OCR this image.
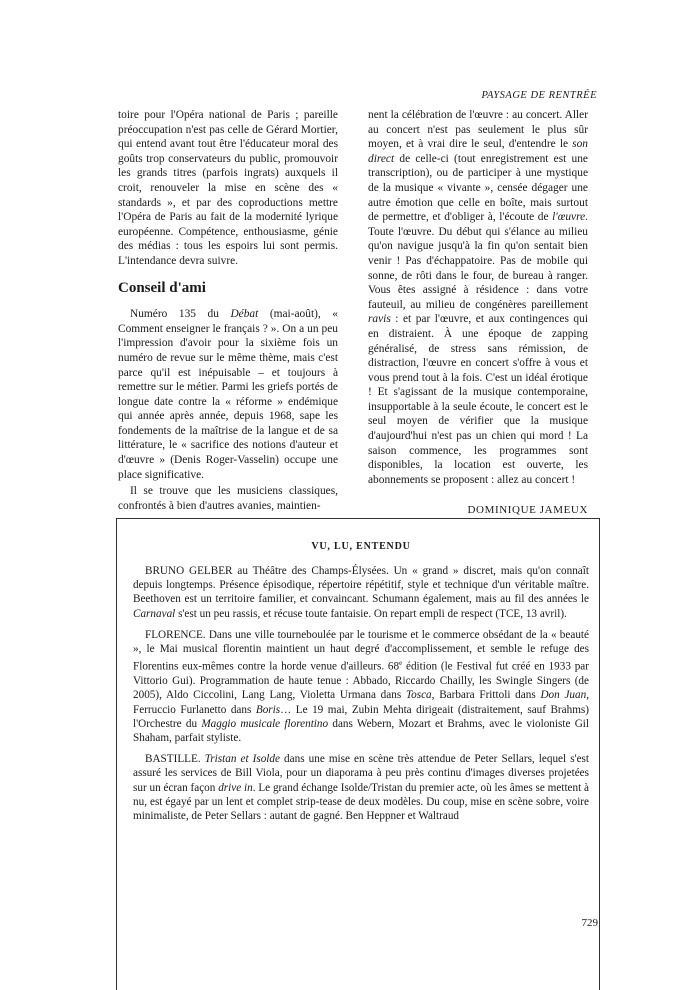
PAYSAGE DE RENTRÉE

toire pour l'Opéra national de Paris ; pareille préoccupation n'est pas celle de Gérard Mortier, qui entend avant tout être l'éducateur moral des goûts trop conservateurs du public, promouvoir les grands titres (parfois ingrats) auxquels il croit, renouveler la mise en scène des « standards », et par des coproductions mettre l'Opéra de Paris au fait de la modernité lyrique européenne. Compétence, enthousiasme, génie des médias : tous les espoirs lui sont permis. L'intendance devra suivre.

Conseil d'ami

Numéro 135 du Débat (mai-août), « Comment enseigner le français ? ». On a un peu l'impression d'avoir pour la sixième fois un numéro de revue sur le même thème, mais c'est parce qu'il est inépuisable – et toujours à remettre sur le métier. Parmi les griefs portés de longue date contre la « réforme » endémique qui année après année, depuis 1968, sape les fondements de la maîtrise de la langue et de sa littérature, le « sacrifice des notions d'auteur et d'œuvre » (Denis Roger-Vasselin) occupe une place significative.

Il se trouve que les musiciens classiques, confrontés à bien d'autres avanies, maintien-

nent la célébration de l'œuvre : au concert. Aller au concert n'est pas seulement le plus sûr moyen, et à vrai dire le seul, d'entendre le son direct de celle-ci (tout enregistrement est une transcription), ou de participer à une mystique de la musique « vivante », censée dégager une autre émotion que celle en boîte, mais surtout de permettre, et d'obliger à, l'écoute de l'œuvre. Toute l'œuvre. Du début qui s'élance au milieu qu'on navigue jusqu'à la fin qu'on sentait bien venir ! Pas d'échappatoire. Pas de mobile qui sonne, de rôti dans le four, de bureau à ranger. Vous êtes assigné à résidence : dans votre fauteuil, au milieu de congénères pareillement ravis : et par l'œuvre, et aux contingences qui en distraient. À une époque de zapping généralisé, de stress sans rémission, de distraction, l'œuvre en concert s'offre à vous et vous prend tout à la fois. C'est un idéal érotique ! Et s'agissant de la musique contemporaine, insupportable à la seule écoute, le concert est le seul moyen de vérifier que la musique d'aujourd'hui n'est pas un chien qui mord ! La saison commence, les programmes sont disponibles, la location est ouverte, les abonnements se proposent : allez au concert !

DOMINIQUE JAMEUX
VU, LU, ENTENDU

BRUNO GELBER au Théâtre des Champs-Élysées. Un « grand » discret, mais qu'on connaît depuis longtemps. Présence épisodique, répertoire répétitif, style et technique d'un véritable maître. Beethoven est un territoire familier, et convaincant. Schumann également, mais au fil des années le Carnaval s'est un peu rassis, et récuse toute fantaisie. On repart empli de respect (TCE, 13 avril).

FLORENCE. Dans une ville tourneboulée par le tourisme et le commerce obsédant de la « beauté », le Mai musical florentin maintient un haut degré d'accomplissement, et semble le refuge des Florentins eux-mêmes contre la horde venue d'ailleurs. 68e édition (le Festival fut créé en 1933 par Vittorio Gui). Programmation de haute tenue : Abbado, Riccardo Chailly, les Swingle Singers (de 2005), Aldo Ciccolini, Lang Lang, Violetta Urmana dans Tosca, Barbara Frittoli dans Don Juan, Ferruccio Furlanetto dans Boris… Le 19 mai, Zubin Mehta dirigeait (distraitement, sauf Brahms) l'Orchestre du Maggio musicale florentino dans Webern, Mozart et Brahms, avec le violoniste Gil Shaham, parfait styliste.

BASTILLE. Tristan et Isolde dans une mise en scène très attendue de Peter Sellars, lequel s'est assuré les services de Bill Viola, pour un diaporama à peu près continu d'images diverses projetées sur un écran façon drive in. Le grand échange Isolde/Tristan du premier acte, où les âmes se mettent à nu, est égayé par un lent et complet strip-tease de deux modèles. Du coup, mise en scène sobre, voire minimaliste, de Peter Sellars : autant de gagné. Ben Heppner et Waltraud

729
